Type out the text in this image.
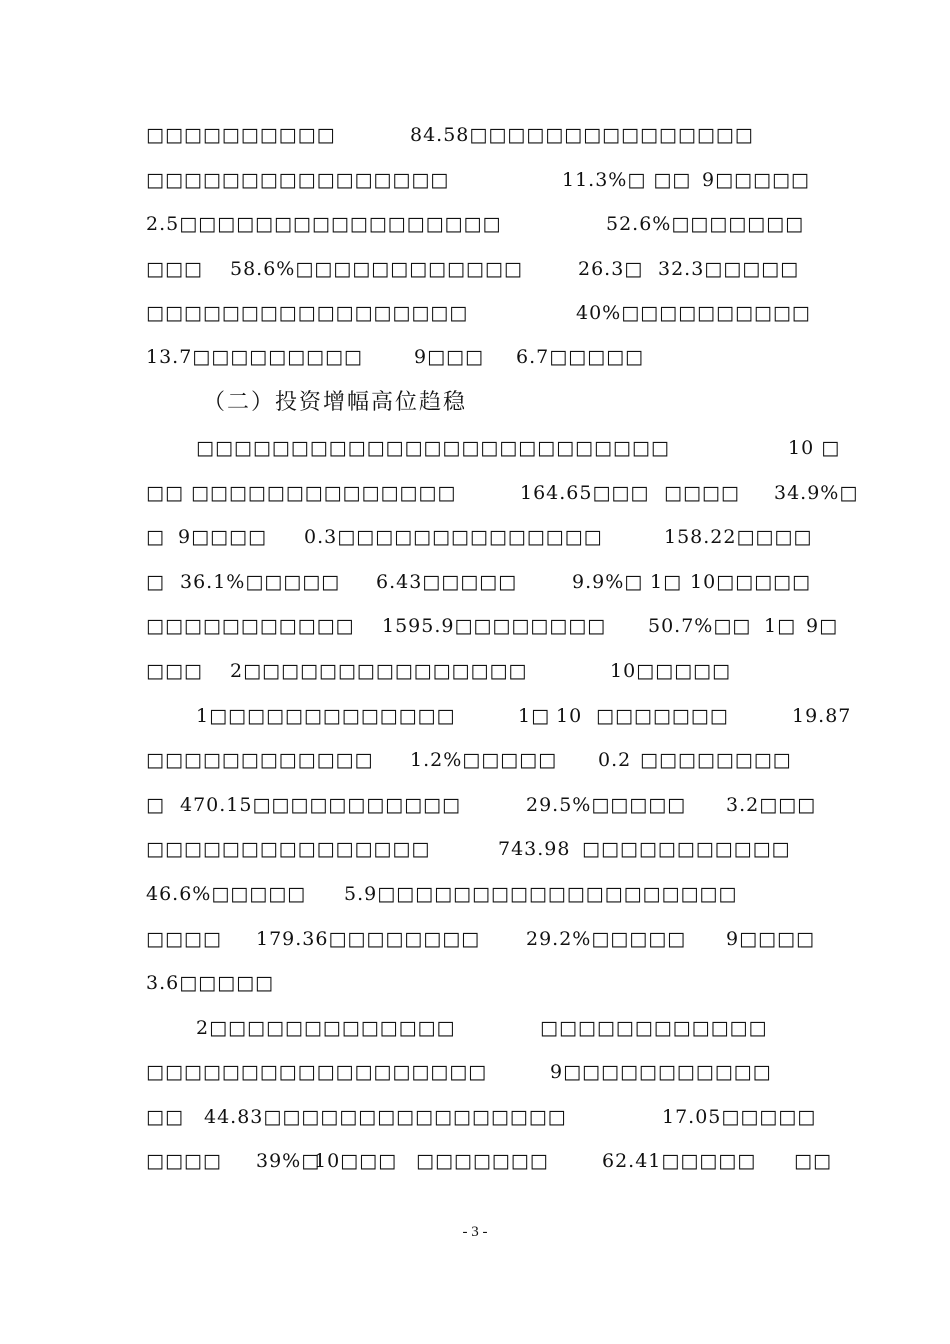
□□□□□□□□□□	84.58□□□□□□□□□□□□□□□
□□□□□□□□□□□□□□□□	11.3%□ □□ 9□□□□□
2.5□□□□□□□□□□□□□□□□□	52.6%□□□□□□□
□□□ 58.6%□□□□□□□□□□□□	26.3□ 32.3□□□□□
□□□□□□□□□□□□□□□□□	40%□□□□□□□□□□
13.7□□□□□□□□□	9□□□ 6.7□□□□□
（二）投资增幅高位趋稳
□□□□□□□□□□□□□□□□□□□□□□□□□	10 □
□□ □□□□□□□□□□□□□□	164.65□□□ □□□□ 34.9%□
□ 9□□□□ 0.3□□□□□□□□□□□□□□	158.22□□□□
□ 36.1%□□□□□ 6.43□□□□□	9.9%□ 1□ 10□□□□□
□□□□□□□□□□□ 1595.9□□□□□□□□ 50.7%□□ 1□ 9□
□□□ 2□□□□□□□□□□□□□□□	10□□□□□
1□□□□□□□□□□□□□	1□ 10 □□□□□□□	19.87
□□□□□□□□□□□□ 1.2%□□□□□ 0.2 □□□□□□□□
□ 470.15□□□□□□□□□□□	29.5%□□□□□ 3.2□□□
□□□□□□□□□□□□□□□	743.98 □□□□□□□□□□□
46.6%□□□□□ 5.9□□□□□□□□□□□□□□□□□□□
□□□□ 179.36□□□□□□□□ 29.2%□□□□□ 9□□□□
3.6□□□□□
2□□□□□□□□□□□□□	□□□□□□□□□□□□
□□□□□□□□□□□□□□□□□□	9□□□□□□□□□□□
□□ 44.83□□□□□□□□□□□□□□□□	17.05□□□□□
□□□□ 39%□
10□□□ □□□□□□□	62.41□□□□□ □□
- 3 -
